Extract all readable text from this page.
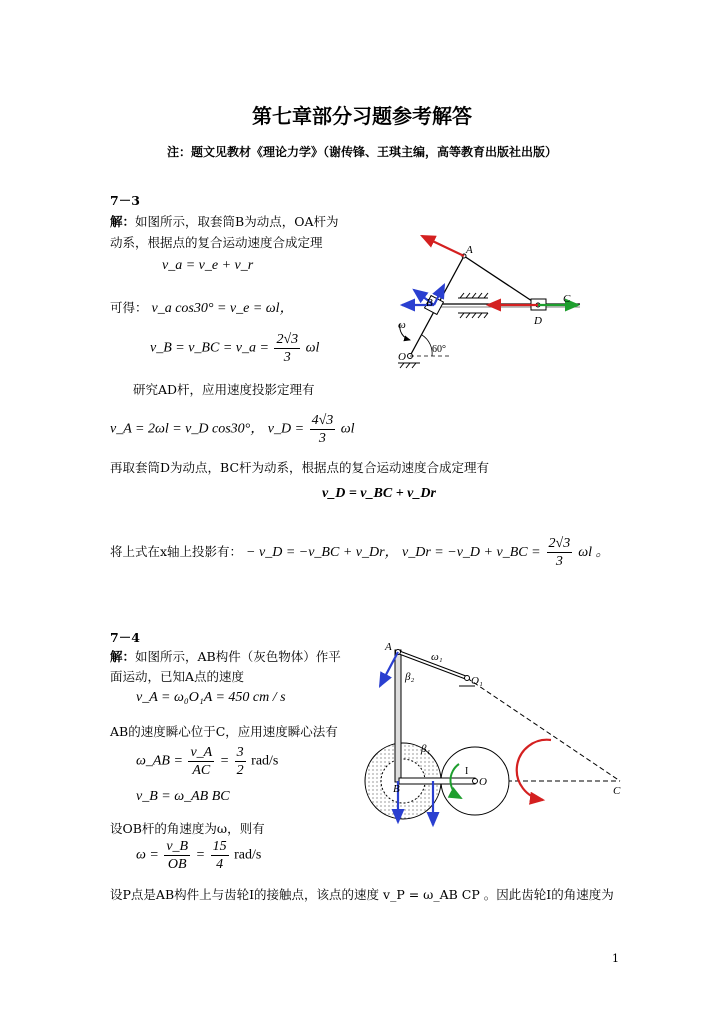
第七章部分习题参考解答
注：题文见教材《理论力学》（谢传锋、王琪主编，高等教育出版社出版）
7－3
解：如图所示，取套筒B为动点，OA杆为
动系，根据点的复合运动速度合成定理
v_a = v_e + v_r
可得： v_a cos30° = v_e = ωl，
v_B = v_BC = v_a = $\frac{2√3}{3}$ ωl
研究AD杆，应用速度投影定理有
v_A = 2ωl = v_D cos30°， v_D = $\frac{4√3}{3}$ ωl
再取套筒D为动点，BC杆为动系，根据点的复合运动速度合成定理有
v_D = v_BC + v_Dr
将上式在x轴上投影有： − v_D = −v_BC + v_Dr， v_Dr = −v_D + v_BC = $\frac{2√3}{3}$ ωl 。
A
B	C
D
O
ω
60°
7－4
解：如图所示，AB构件（灰色物体）作平
面运动，已知A点的速度
v_A = ω₀O₁A = 450 cm / s
AB的速度瞬心位于C，应用速度瞬心法有
ω_AB = $\frac{v\_A}{AC} = \frac{3}{2} rad/s$
v_B = ω_AB BC
设OB杆的角速度为ω，则有
$\omega = \frac{v\_B}{OB} = \frac{15}{4} rad/s$
设P点是AB构件上与齿轮I的接触点，该点的速度 v_P = ω_AB CP 。因此齿轮I的角速度为
A
B	C
O
O₁
ω₁
β₁
β₂
I
1
